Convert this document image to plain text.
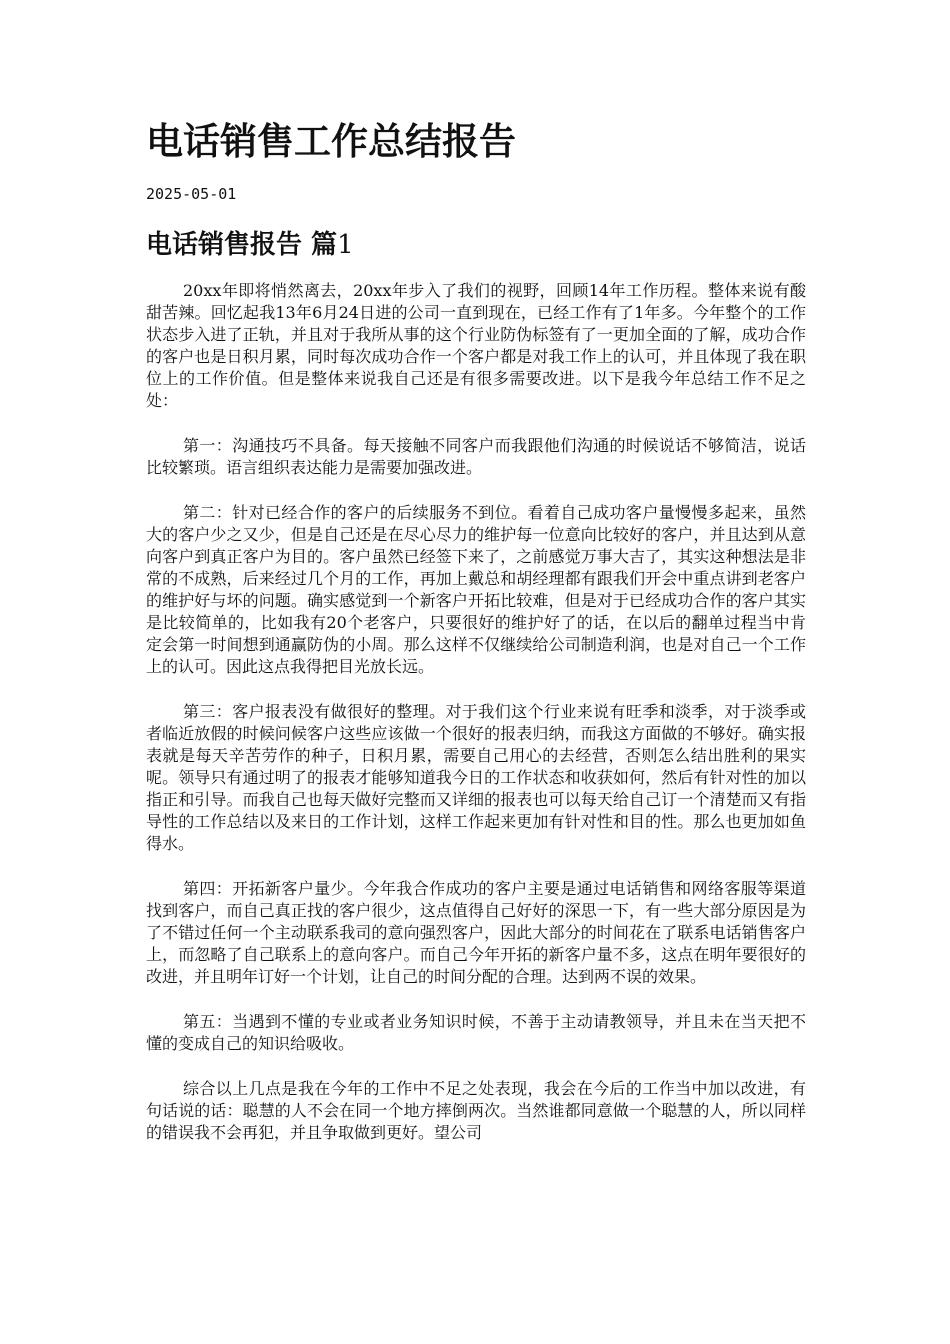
电话销售工作总结报告
2025-05-01
电话销售报告 篇1

20xx年即将悄然离去，20xx年步入了我们的视野，回顾14年工作历程。整体来说有酸甜苦辣。回忆起我13年6月24日进的公司一直到现在，已经工作有了1年多。今年整个的工作状态步入进了正轨，并且对于我所从事的这个行业防伪标签有了一更加全面的了解，成功合作的客户也是日积月累，同时每次成功合作一个客户都是对我工作上的认可，并且体现了我在职位上的工作价值。但是整体来说我自己还是有很多需要改进。以下是我今年总结工作不足之处：

第一：沟通技巧不具备。每天接触不同客户而我跟他们沟通的时候说话不够简洁，说话比较繁琐。语言组织表达能力是需要加强改进。

第二：针对已经合作的客户的后续服务不到位。看着自己成功客户量慢慢多起来，虽然大的客户少之又少，但是自己还是在尽心尽力的维护每一位意向比较好的客户，并且达到从意向客户到真正客户为目的。客户虽然已经签下来了，之前感觉万事大吉了，其实这种想法是非常的不成熟，后来经过几个月的工作，再加上戴总和胡经理都有跟我们开会中重点讲到老客户的维护好与坏的问题。确实感觉到一个新客户开拓比较难，但是对于已经成功合作的客户其实是比较简单的，比如我有20个老客户，只要很好的维护好了的话，在以后的翻单过程当中肯定会第一时间想到通赢防伪的小周。那么这样不仅继续给公司制造利润，也是对自己一个工作上的认可。因此这点我得把目光放长远。

第三：客户报表没有做很好的整理。对于我们这个行业来说有旺季和淡季，对于淡季或者临近放假的时候问候客户这些应该做一个很好的报表归纳，而我这方面做的不够好。确实报表就是每天辛苦劳作的种子，日积月累，需要自己用心的去经营，否则怎么结出胜利的果实呢。领导只有通过明了的报表才能够知道我今日的工作状态和收获如何，然后有针对性的加以指正和引导。而我自己也每天做好完整而又详细的报表也可以每天给自己订一个清楚而又有指导性的工作总结以及来日的工作计划，这样工作起来更加有针对性和目的性。那么也更加如鱼得水。

第四：开拓新客户量少。今年我合作成功的客户主要是通过电话销售和网络客服等渠道找到客户，而自己真正找的客户很少，这点值得自己好好的深思一下，有一些大部分原因是为了不错过任何一个主动联系我司的意向强烈客户，因此大部分的时间花在了联系电话销售客户上，而忽略了自己联系上的意向客户。而自己今年开拓的新客户量不多，这点在明年要很好的改进，并且明年订好一个计划，让自己的时间分配的合理。达到两不误的效果。

第五：当遇到不懂的专业或者业务知识时候，不善于主动请教领导，并且未在当天把不懂的变成自己的知识给吸收。

综合以上几点是我在今年的工作中不足之处表现，我会在今后的工作当中加以改进，有句话说的话：聪慧的人不会在同一个地方摔倒两次。当然谁都同意做一个聪慧的人，所以同样的错误我不会再犯，并且争取做到更好。望公司
